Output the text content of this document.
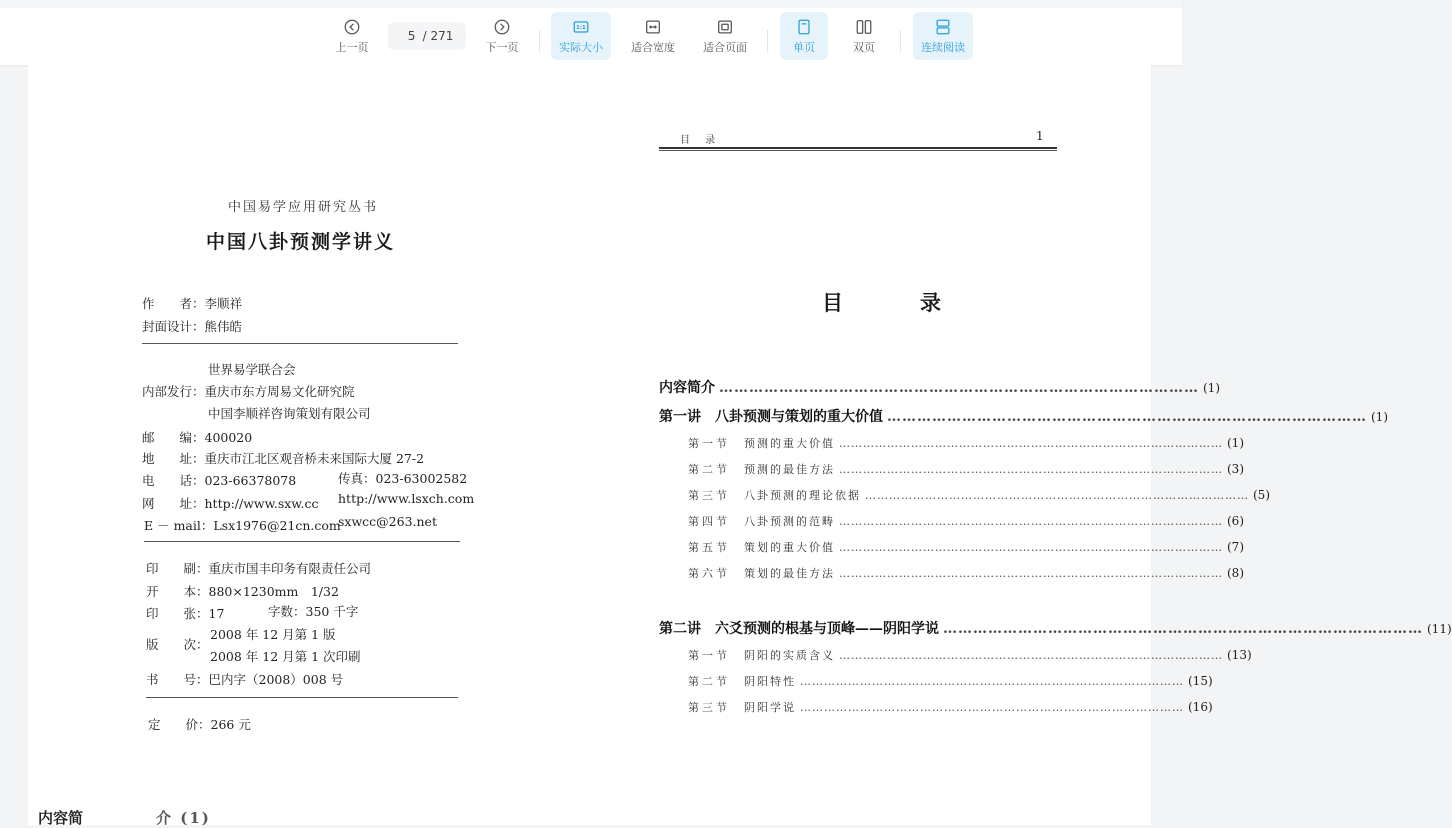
上一页
5 / 271
下一页
1:1
实际大小	适合宽度	适合页面	单页	双页	连续阅读
中国易学应用研究丛书
中国八卦预测学讲义
作　　者：李顺祥
封面设计：熊伟皓
世界易学联合会
内部发行：重庆市东方周易文化研究院
中国李顺祥咨询策划有限公司
邮　　编：400020
地　　址：重庆市江北区观音桥未来国际大厦 27-2
电　　话：023-66378078	传真：023-63002582
网　　址：http://www.sxw.cc http://www.lsxch.com
E － mail：Lsx1976@21cn.com
sxwcc@263.net
印　　刷：重庆市国丰印务有限责任公司
开　　本：880×1230mm　1/32
印　　张：17	字数：350 千字
版　　次：
2008 年 12 月第 1 版
2008 年 12 月第 1 次印刷
书　　号：巴内字（2008）008 号
定　　价：266 元
目 录	1
目　录
内容简介 …………………………………………………………………………………… (1)
第一讲　八卦预测与策划的重大价值 …………………………………………………………………………………… (1)
第一节 预测的重大价值 …………………………………………………………………………………… (1)
第二节 预测的最佳方法 …………………………………………………………………………………… (3)
第三节 八卦预测的理论依据 …………………………………………………………………………………… (5)
第四节 八卦预测的范畴 …………………………………………………………………………………… (6)
第五节 策划的重大价值 …………………………………………………………………………………… (7)
第六节 策划的最佳方法 …………………………………………………………………………………… (8)
第二讲　六爻预测的根基与顶峰——阴阳学说 …………………………………………………………………………………… (11)
第一节 阴阳的实质含义 …………………………………………………………………………………… (13)
第二节 阴阳特性 …………………………………………………………………………………… (15)
第三节 阴阳学说 …………………………………………………………………………………… (16)
内容简	介 (1)
